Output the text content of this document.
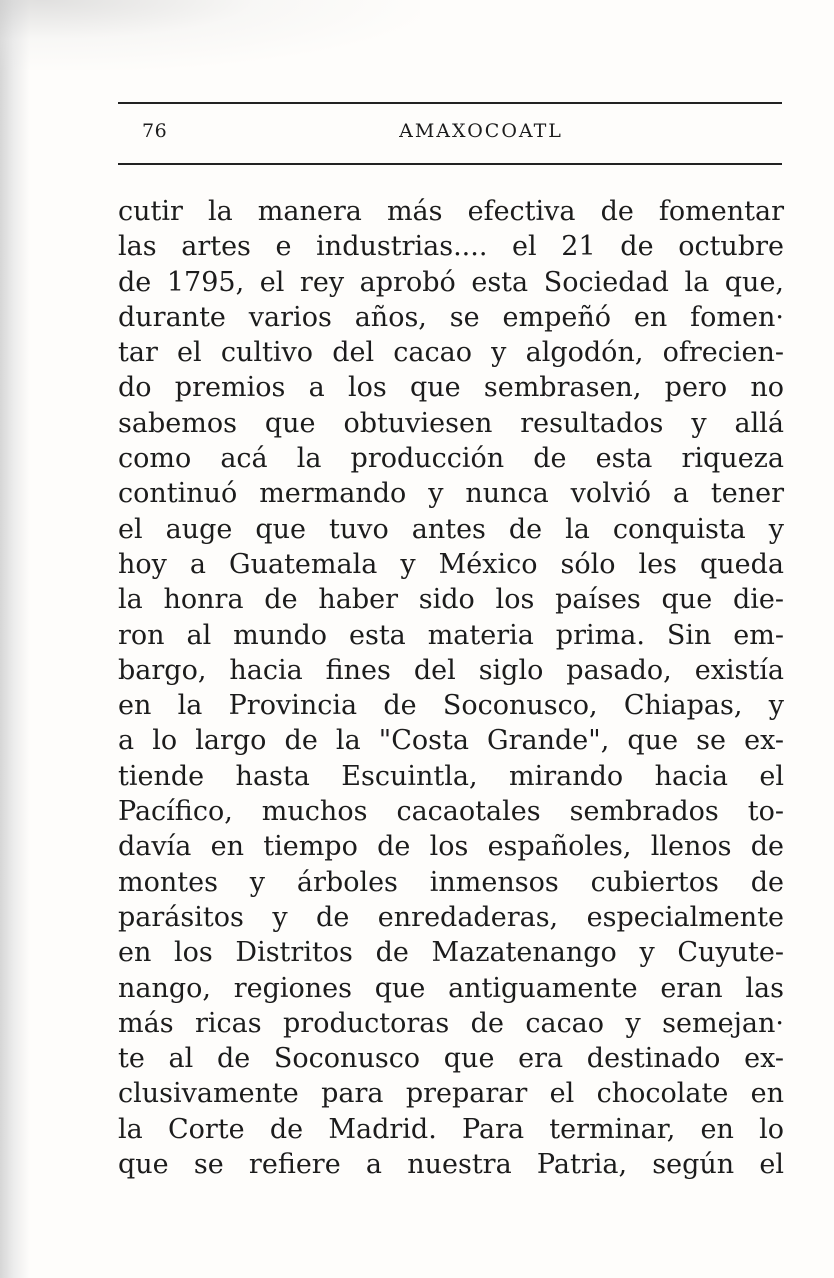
76	AMAXOCOATL
cutir la manera más efectiva de fomentar
las artes e industrias.... el 21 de octubre
de 1795, el rey aprobó esta Sociedad la que,
durante varios años, se empeñó en fomen·
tar el cultivo del cacao y algodón, ofrecien-
do premios a los que sembrasen, pero no
sabemos que obtuviesen resultados y allá
como acá la producción de esta riqueza
continuó mermando y nunca volvió a tener
el auge que tuvo antes de la conquista y
hoy a Guatemala y México sólo les queda
la honra de haber sido los países que die-
ron al mundo esta materia prima. Sin em-
bargo, hacia fines del siglo pasado, existía
en la Provincia de Soconusco, Chiapas, y
a lo largo de la "Costa Grande", que se ex-
tiende hasta Escuintla, mirando hacia el
Pacífico, muchos cacaotales sembrados to-
davía en tiempo de los españoles, llenos de
montes y árboles inmensos cubiertos de
parásitos y de enredaderas, especialmente
en los Distritos de Mazatenango y Cuyute-
nango, regiones que antiguamente eran las
más ricas productoras de cacao y semejan·
te al de Soconusco que era destinado ex-
clusivamente para preparar el chocolate en
la Corte de Madrid. Para terminar, en lo
que se refiere a nuestra Patria, según el
